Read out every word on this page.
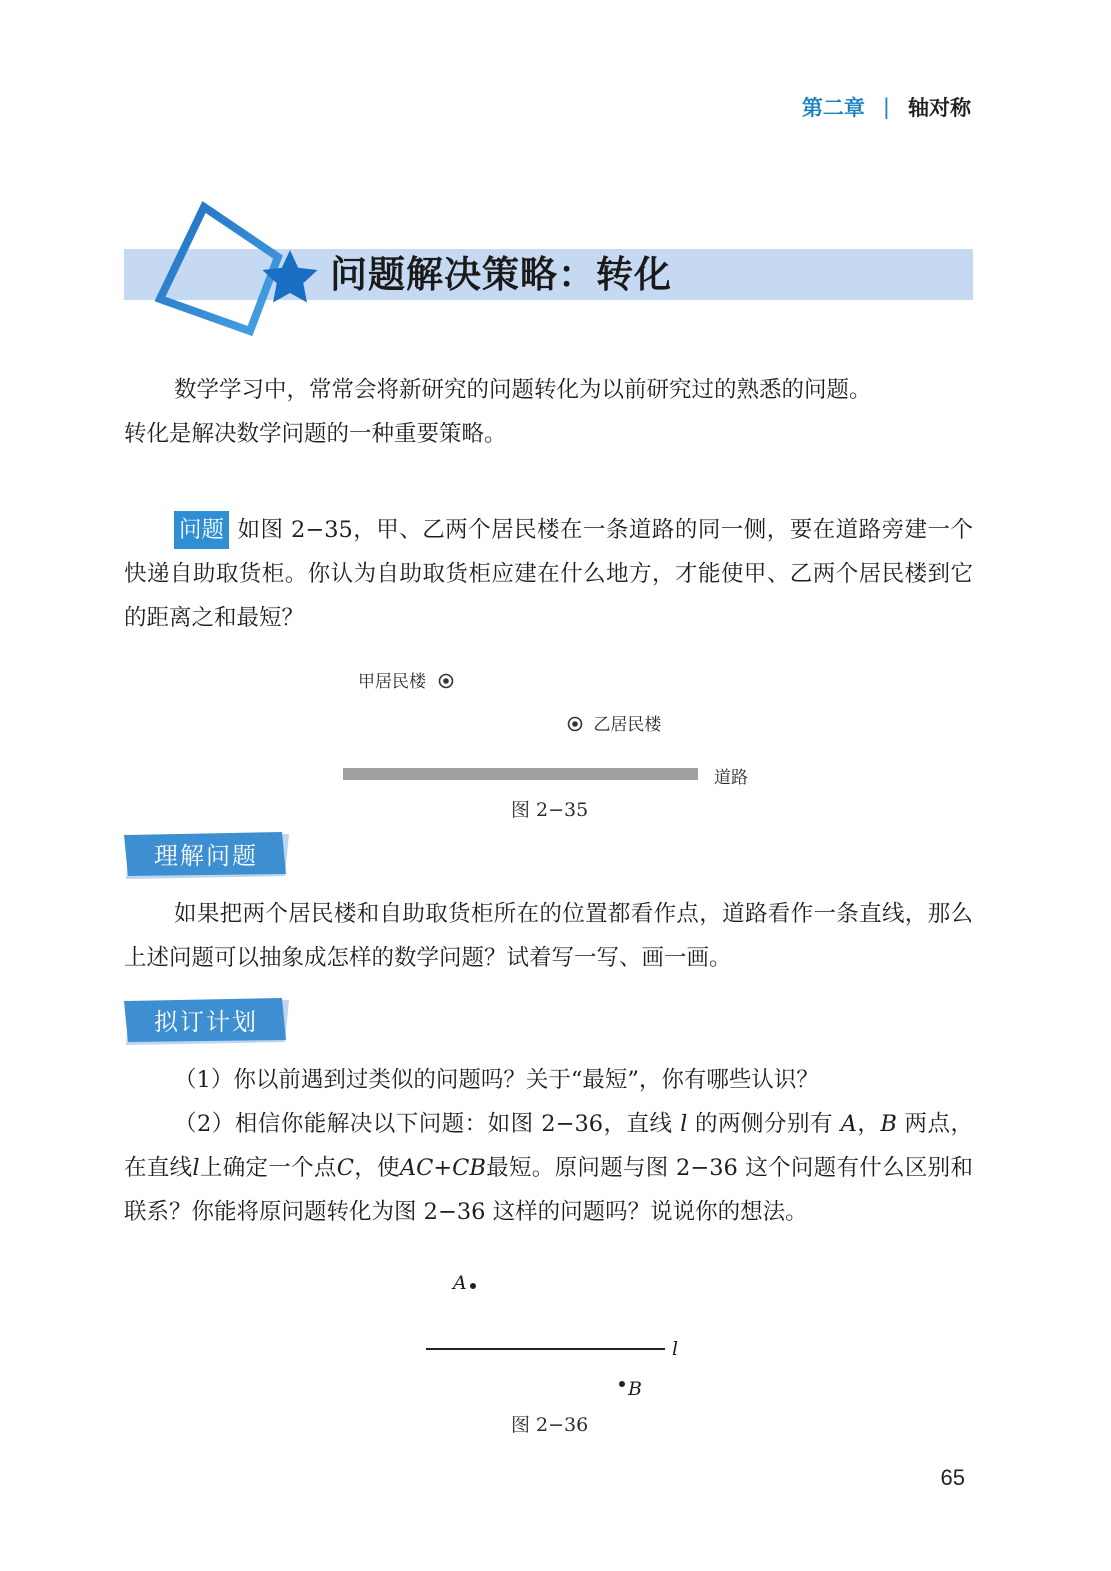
第二章 | 轴对称
问题解决策略：转化

数学学习中，常常会将新研究的问题转化为以前研究过的熟悉的问题。

转化是解决数学问题的一种重要策略。

问题 如图 2−35，甲、乙两个居民楼在一条道路的同一侧，要在道路旁建一个快递自助取货柜。你认为自助取货柜应建在什么地方，才能使甲、乙两个居民楼到它的距离之和最短？
甲居民楼
乙居民楼
道路
图 2−35
理解问题
如果把两个居民楼和自助取货柜所在的位置都看作点，道路看作一条直线，那么上述问题可以抽象成怎样的数学问题？试着写一写、画一画。
拟订计划

（1）你以前遇到过类似的问题吗？关于“最短”，你有哪些认识？

（2）相信你能解决以下问题：如图 2−36，直线 l 的两侧分别有 A，B 两点，在直线l上确定一个点C，使AC+CB最短。原问题与图 2−36 这个问题有什么区别和联系？你能将原问题转化为图 2−36 这样的问题吗？说说你的想法。

A
l
B
图 2−36
65
